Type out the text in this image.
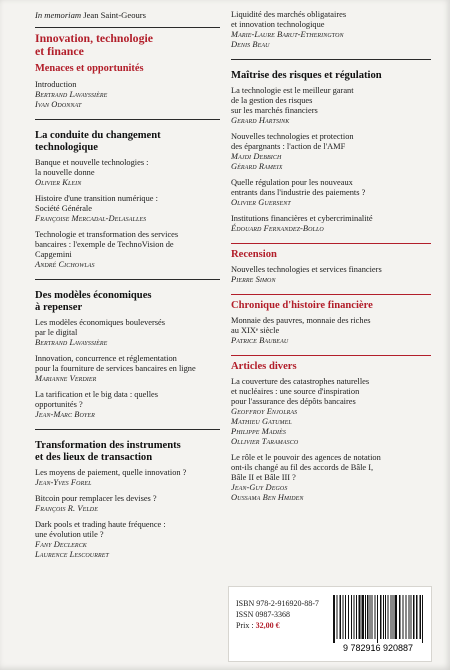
In memoriam Jean Saint-Geours

Innovation, technologie
et finance
Menaces et opportunités
Introduction
Bertrand Lavayssière
Ivan Odonnat
La conduite du changement
technologique
Banque et nouvelle technologies :
la nouvelle donne
Olivier Klein
Histoire d'une transition numérique :
Société Générale
Françoise Mercadal-Delasalles
Technologie et transformation des services
bancaires : l'exemple de TechnoVision de
Capgemini
André Cichowlas
Des modèles économiques
à repenser
Les modèles économiques bouleversés
par le digital
Bertrand Lavayssière
Innovation, concurrence et réglementation
pour la fourniture de services bancaires en ligne
Marianne Verdier
La tarification et le big data : quelles
opportunités ?
Jean-Marc Boyer
Transformation des instruments
et des lieux de transaction
Les moyens de paiement, quelle innovation ?
Jean-Yves Forel
Bitcoin pour remplacer les devises ?
François R. Velde
Dark pools et trading haute fréquence :
une évolution utile ?
Fany Declerck
Laurence Lescourret
Liquidité des marchés obligataires
et innovation technologique
Marie-Laure Barut-Etherington
Denis Beau
Maîtrise des risques et régulation
La technologie est le meilleur garant
de la gestion des risques
sur les marchés financiers
Gerard Hartsink
Nouvelles technologies et protection
des épargnants : l'action de l'AMF
Majdi Debbich
Gérard Rameix
Quelle régulation pour les nouveaux
entrants dans l'industrie des paiements ?
Olivier Guersent
Institutions financières et cybercriminalité
Édouard Fernandez-Bollo
Recension
Nouvelles technologies et services financiers
Pierre Simon
Chronique d'histoire financière
Monnaie des pauvres, monnaie des riches
au XIXᵉ siècle
Patrice Baubeau
Articles divers
La couverture des catastrophes naturelles
et nucléaires : une source d'inspiration
pour l'assurance des dépôts bancaires
Geoffroy Enjolras
Mathieu Gatumel
Philippe Madiès
Ollivier Taramasco
Le rôle et le pouvoir des agences de notation
ont-ils changé au fil des accords de Bâle I,
Bâle II et Bâle III ?
Jean-Guy Degos
Oussama Ben Hmiden
ISBN 978-2-916920-88-7
ISSN 0987-3368
Prix : 32,00 €
9 782916 920887
